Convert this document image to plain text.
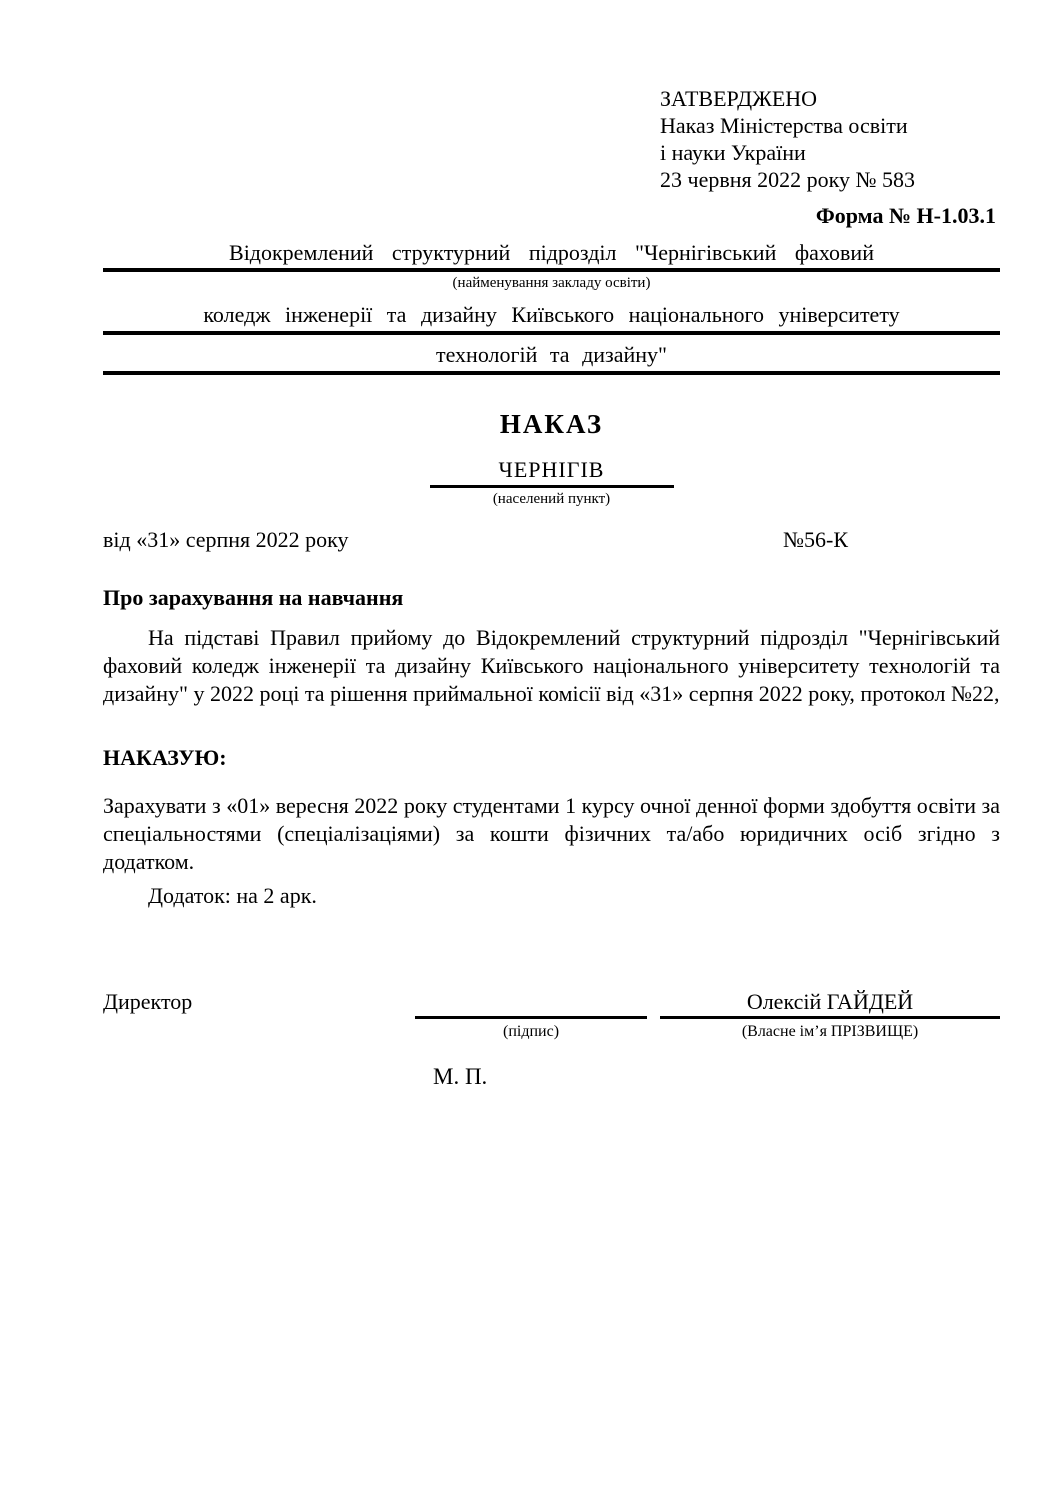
ЗАТВЕРДЖЕНО
Наказ Міністерства освіти
і науки України
23 червня 2022 року № 583
Форма № Н-1.03.1
Відокремлений структурний підрозділ "Чернігівський фаховий
(найменування закладу освіти)
коледж інженерії та дизайну Київського національного університету
технологій та дизайну"
НАКАЗ
ЧЕРНІГІВ
(населений пункт)
від «31» серпня 2022 року	№56-К
Про зарахування на навчання

На підставі Правил прийому до Відокремлений структурний підрозділ "Чернігівський фаховий коледж інженерії та дизайну Київського національного університету технологій та дизайну" у 2022 році та рішення приймальної комісії від «31» серпня 2022 року, протокол №22,

НАКАЗУЮ:

Зарахувати з «01» вересня 2022 року студентами 1 курсу очної денної форми здобуття освіти за спеціальностями (спеціалізаціями) за кошти фізичних та/або юридичних осіб згідно з додатком.

Додаток: на 2 арк.

Директор
(підпис)
Олексій ГАЙДЕЙ
(Власне ім’я ПРІЗВИЩЕ)
М. П.
